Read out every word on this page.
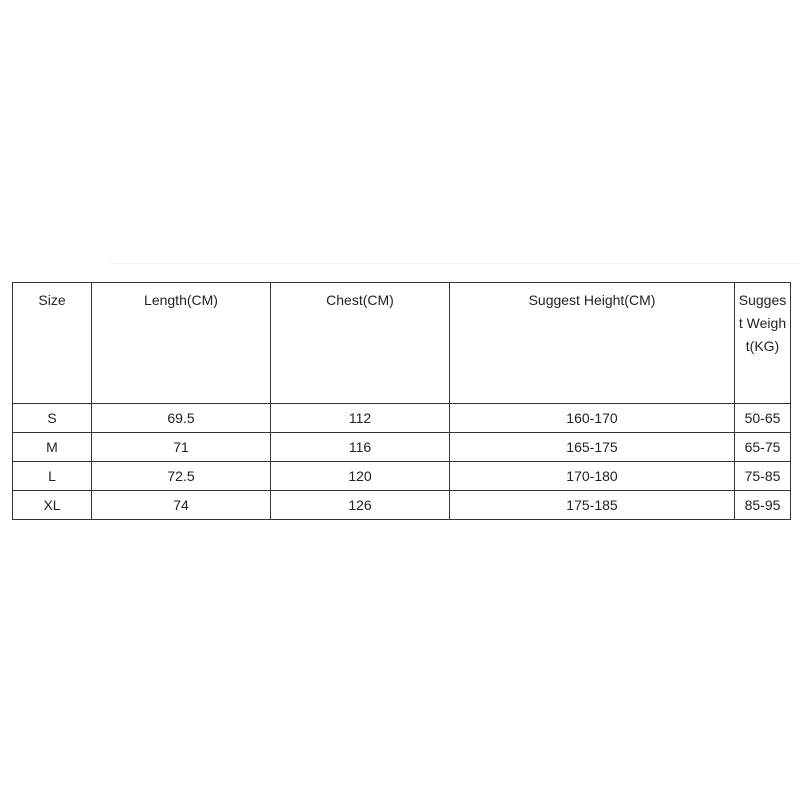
Size	Length(CM)	Chest(CM)	Suggest Height(CM)	Suggest Weight(KG)
S	69.5	112	160-170	50-65
M	71	116	165-175	65-75
L	72.5	120	170-180	75-85
XL	74	126	175-185	85-95
